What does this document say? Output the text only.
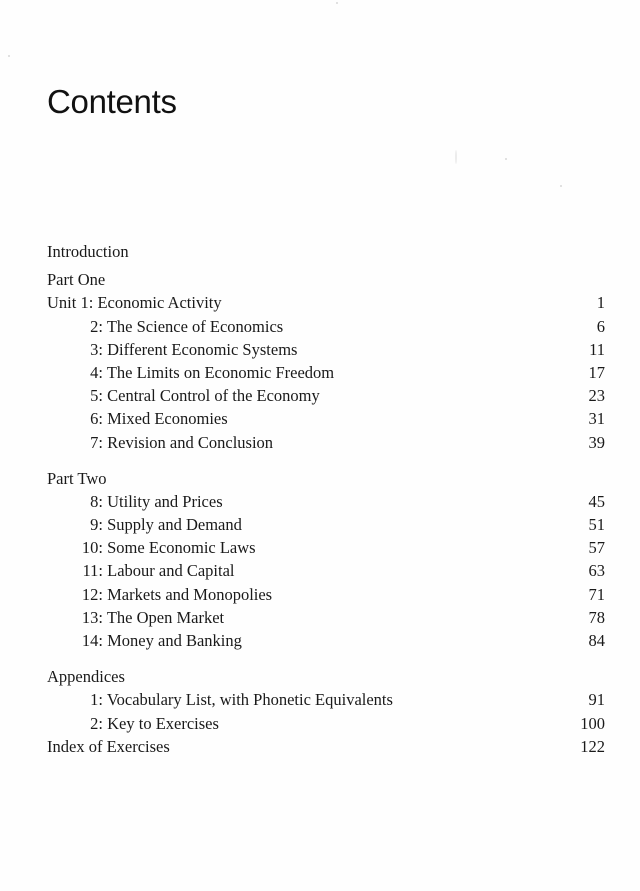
Contents
Introduction
Part One
Unit 1: Economic Activity	1
2: The Science of Economics	6
3: Different Economic Systems	11
4: The Limits on Economic Freedom	17
5: Central Control of the Economy	23
6: Mixed Economies	31
7: Revision and Conclusion	39
Part Two
8: Utility and Prices	45
9: Supply and Demand	51
10: Some Economic Laws	57
11: Labour and Capital	63
12: Markets and Monopolies	71
13: The Open Market	78
14: Money and Banking	84
Appendices
1: Vocabulary List, with Phonetic Equivalents	91
2: Key to Exercises	100
Index of Exercises	122
